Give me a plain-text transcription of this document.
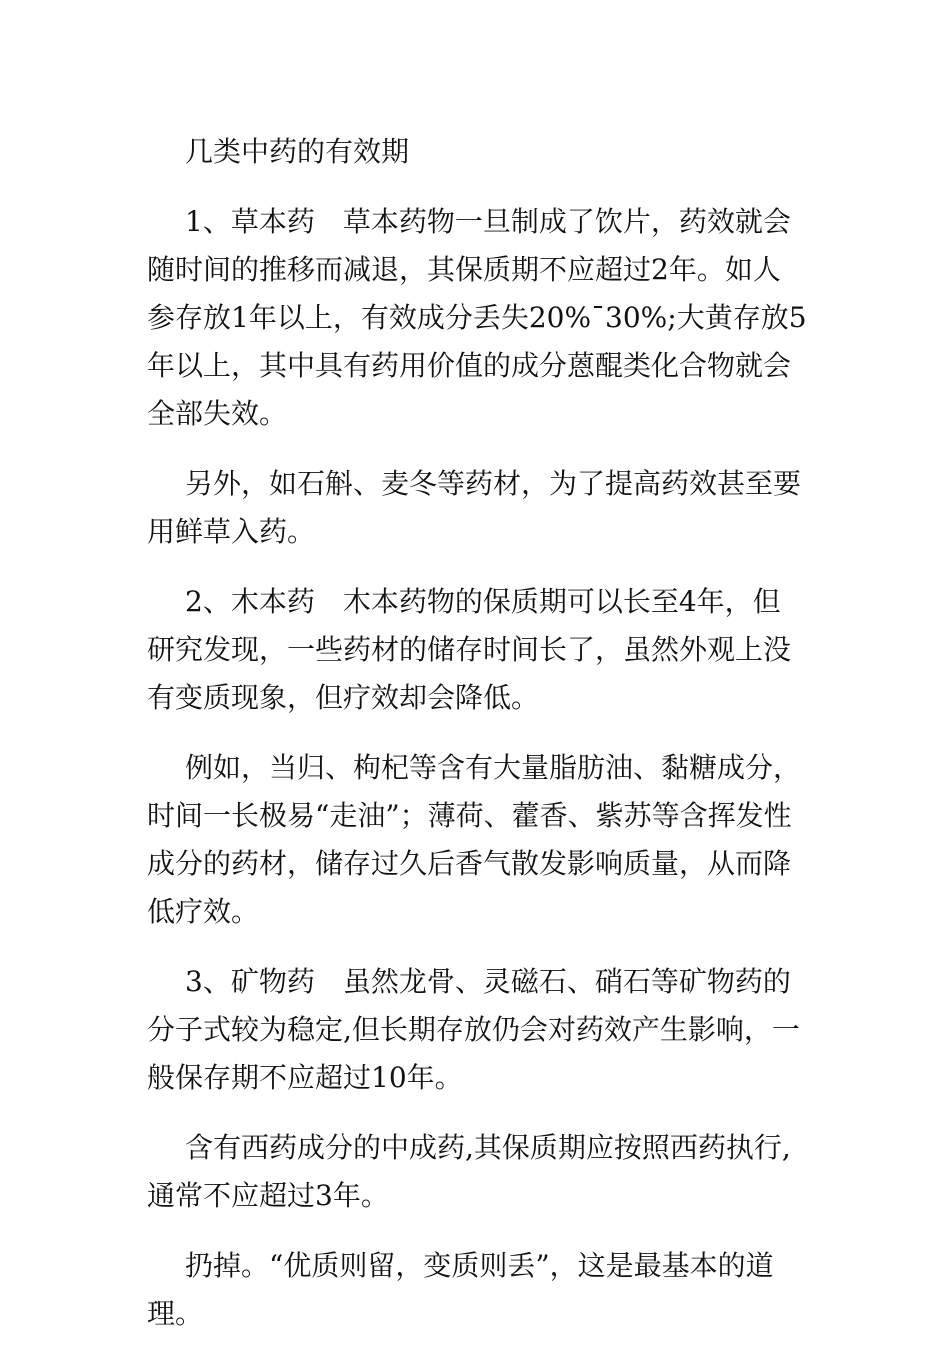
几类中药的有效期

1、草本药　草本药物一旦制成了饮片，药效就会随时间的推移而减退，其保质期不应超过2年。如人参存放1年以上，有效成分丢失20%¯30%;大黄存放5年以上，其中具有药用价值的成分蒽醌类化合物就会全部失效。

另外，如石斛、麦冬等药材，为了提高药效甚至要用鲜草入药。

2、木本药　木本药物的保质期可以长至4年，但研究发现，一些药材的储存时间长了，虽然外观上没有变质现象，但疗效却会降低。

例如，当归、枸杞等含有大量脂肪油、黏糖成分，时间一长极易“走油”；薄荷、藿香、紫苏等含挥发性成分的药材，储存过久后香气散发影响质量，从而降低疗效。

3、矿物药　虽然龙骨、灵磁石、硝石等矿物药的分子式较为稳定,但长期存放仍会对药效产生影响，一般保存期不应超过10年。

含有西药成分的中成药,其保质期应按照西药执行,通常不应超过3年。

扔掉。“优质则留，变质则丢”，这是最基本的道理。
